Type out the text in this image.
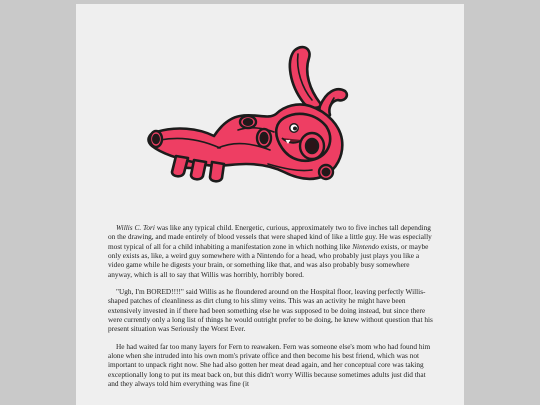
Willis C. Tori was like any typical child. Energetic, curious, approximately two to five inches tall depending on the drawing, and made entirely of blood vessels that were shaped kind of like a little guy. He was especially most typical of all for a child inhabiting a manifestation zone in which nothing like Nintendo exists, or maybe only exists as, like, a weird guy somewhere with a Nintendo for a head, who probably just plays you like a video game while he digests your brain, or something like that, and was also probably busy somewhere anyway, which is all to say that Willis was horribly, horribly bored.

"Ugh, I'm BORED!!!!" said Willis as he floundered around on the Hospital floor, leaving perfectly Willis-shaped patches of cleanliness as dirt clung to his slimy veins. This was an activity he might have been extensively invested in if there had been something else he was supposed to be doing instead, but since there were currently only a long list of things he would outright prefer to be doing, he knew without question that his present situation was Seriously the Worst Ever.

He had waited far too many layers for Fern to reawaken. Fern was someone else's mom who had found him alone when she intruded into his own mom's private office and then become his best friend, which was not important to unpack right now. She had also gotten her meat dead again, and her conceptual core was taking exceptionally long to put its meat back on, but this didn't worry Willis because sometimes adults just did that and they always told him everything was fine (it
